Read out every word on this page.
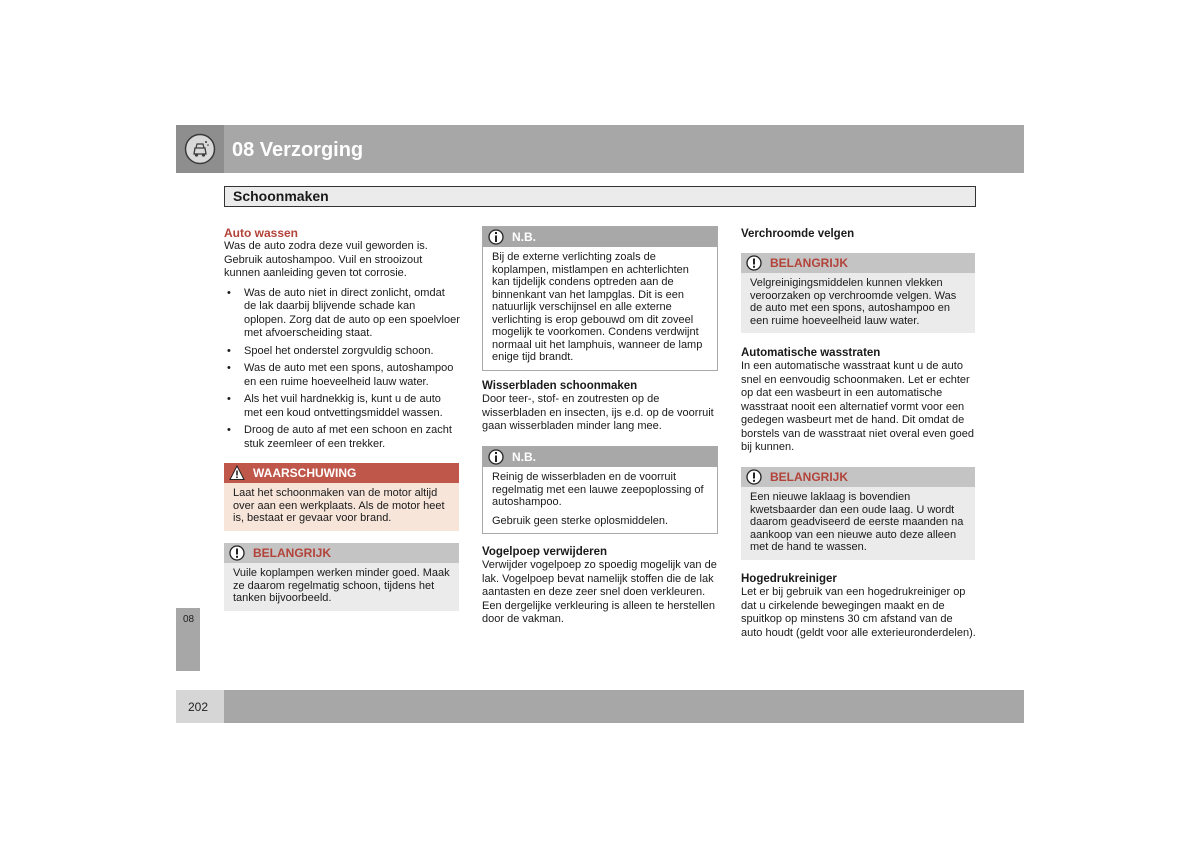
08 Verzorging
Schoonmaken
Auto wassen

Was de auto zodra deze vuil geworden is. Gebruik autoshampoo. Vuil en strooizout kunnen aanleiding geven tot corrosie.

• Was de auto niet in direct zonlicht, omdat de lak daarbij blijvende schade kan oplopen. Zorg dat de auto op een spoelvloer met afvoerscheiding staat.
• Spoel het onderstel zorgvuldig schoon.
• Was de auto met een spons, autoshampoo en een ruime hoeveelheid lauw water.
• Als het vuil hardnekkig is, kunt u de auto met een koud ontvettingsmiddel wassen.
• Droog de auto af met een schoon en zacht stuk zeemleer of een trekker.
WAARSCHUWING
Laat het schoonmaken van de motor altijd over aan een werkplaats. Als de motor heet is, bestaat er gevaar voor brand.
BELANGRIJK
Vuile koplampen werken minder goed. Maak ze daarom regelmatig schoon, tijdens het tanken bijvoorbeeld.
N.B.
Bij de externe verlichting zoals de koplampen, mistlampen en achterlichten kan tijdelijk condens optreden aan de binnenkant van het lampglas. Dit is een natuurlijk verschijnsel en alle externe verlichting is erop gebouwd om dit zoveel mogelijk te voorkomen. Condens verdwijnt normaal uit het lamphuis, wanneer de lamp enige tijd brandt.
Wisserbladen schoonmaken

Door teer-, stof- en zoutresten op de wisserbladen en insecten, ijs e.d. op de voorruit gaan wisserbladen minder lang mee.

N.B.

Reinig de wisserbladen en de voorruit regelmatig met een lauwe zeepoplossing of autoshampoo.

Gebruik geen sterke oplosmiddelen.

Vogelpoep verwijderen

Verwijder vogelpoep zo spoedig mogelijk van de lak. Vogelpoep bevat namelijk stoffen die de lak aantasten en deze zeer snel doen verkleuren. Een dergelijke verkleuring is alleen te herstellen door de vakman.

Verchroomde velgen
BELANGRIJK
Velgreinigingsmiddelen kunnen vlekken veroorzaken op verchroomde velgen. Was de auto met een spons, autoshampoo en een ruime hoeveelheid lauw water.
Automatische wasstraten

In een automatische wasstraat kunt u de auto snel en eenvoudig schoonmaken. Let er echter op dat een wasbeurt in een automatische wasstraat nooit een alternatief vormt voor een gedegen wasbeurt met de hand. Dit omdat de borstels van de wasstraat niet overal even goed bij kunnen.

BELANGRIJK
Een nieuwe laklaag is bovendien kwetsbaarder dan een oude laag. U wordt daarom geadviseerd de eerste maanden na aankoop van een nieuwe auto deze alleen met de hand te wassen.
Hogedrukreiniger

Let er bij gebruik van een hogedrukreiniger op dat u cirkelende bewegingen maakt en de spuitkop op minstens 30 cm afstand van de auto houdt (geldt voor alle exterieuronderdelen).

08
202
